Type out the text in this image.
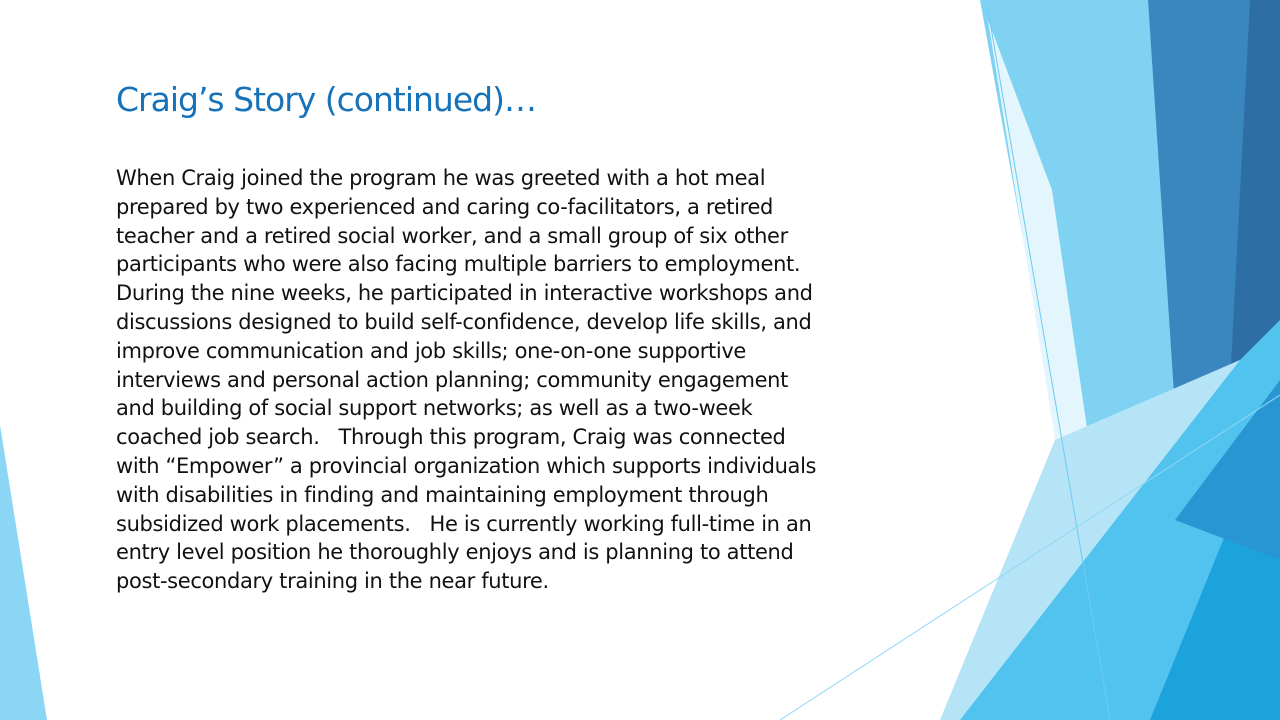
Craig’s Story (continued)…

When Craig joined the program he was greeted with a hot meal
prepared by two experienced and caring co-facilitators, a retired
teacher and a retired social worker, and a small group of six other
participants who were also facing multiple barriers to employment.
During the nine weeks, he participated in interactive workshops and
discussions designed to build self-confidence, develop life skills, and
improve communication and job skills; one-on-one supportive
interviews and personal action planning; community engagement
and building of social support networks; as well as a two-week
coached job search.   Through this program, Craig was connected
with “Empower” a provincial organization which supports individuals
with disabilities in finding and maintaining employment through
subsidized work placements.   He is currently working full-time in an
entry level position he thoroughly enjoys and is planning to attend
post-secondary training in the near future.
